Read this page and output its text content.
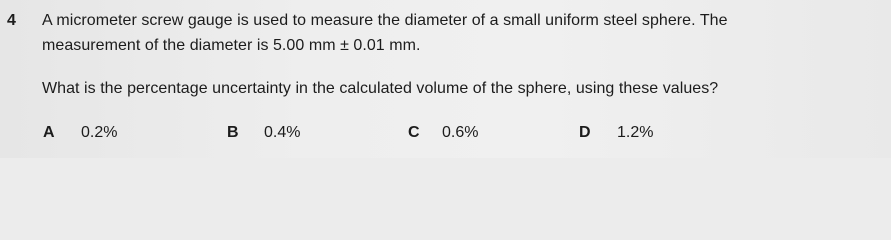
4 A micrometer screw gauge is used to measure the diameter of a small uniform steel sphere. The
measurement of the diameter is 5.00 mm ± 0.01 mm.
What is the percentage uncertainty in the calculated volume of the sphere, using these values?
A 0.2%	B 0.4%	C 0.6%	D 1.2%
